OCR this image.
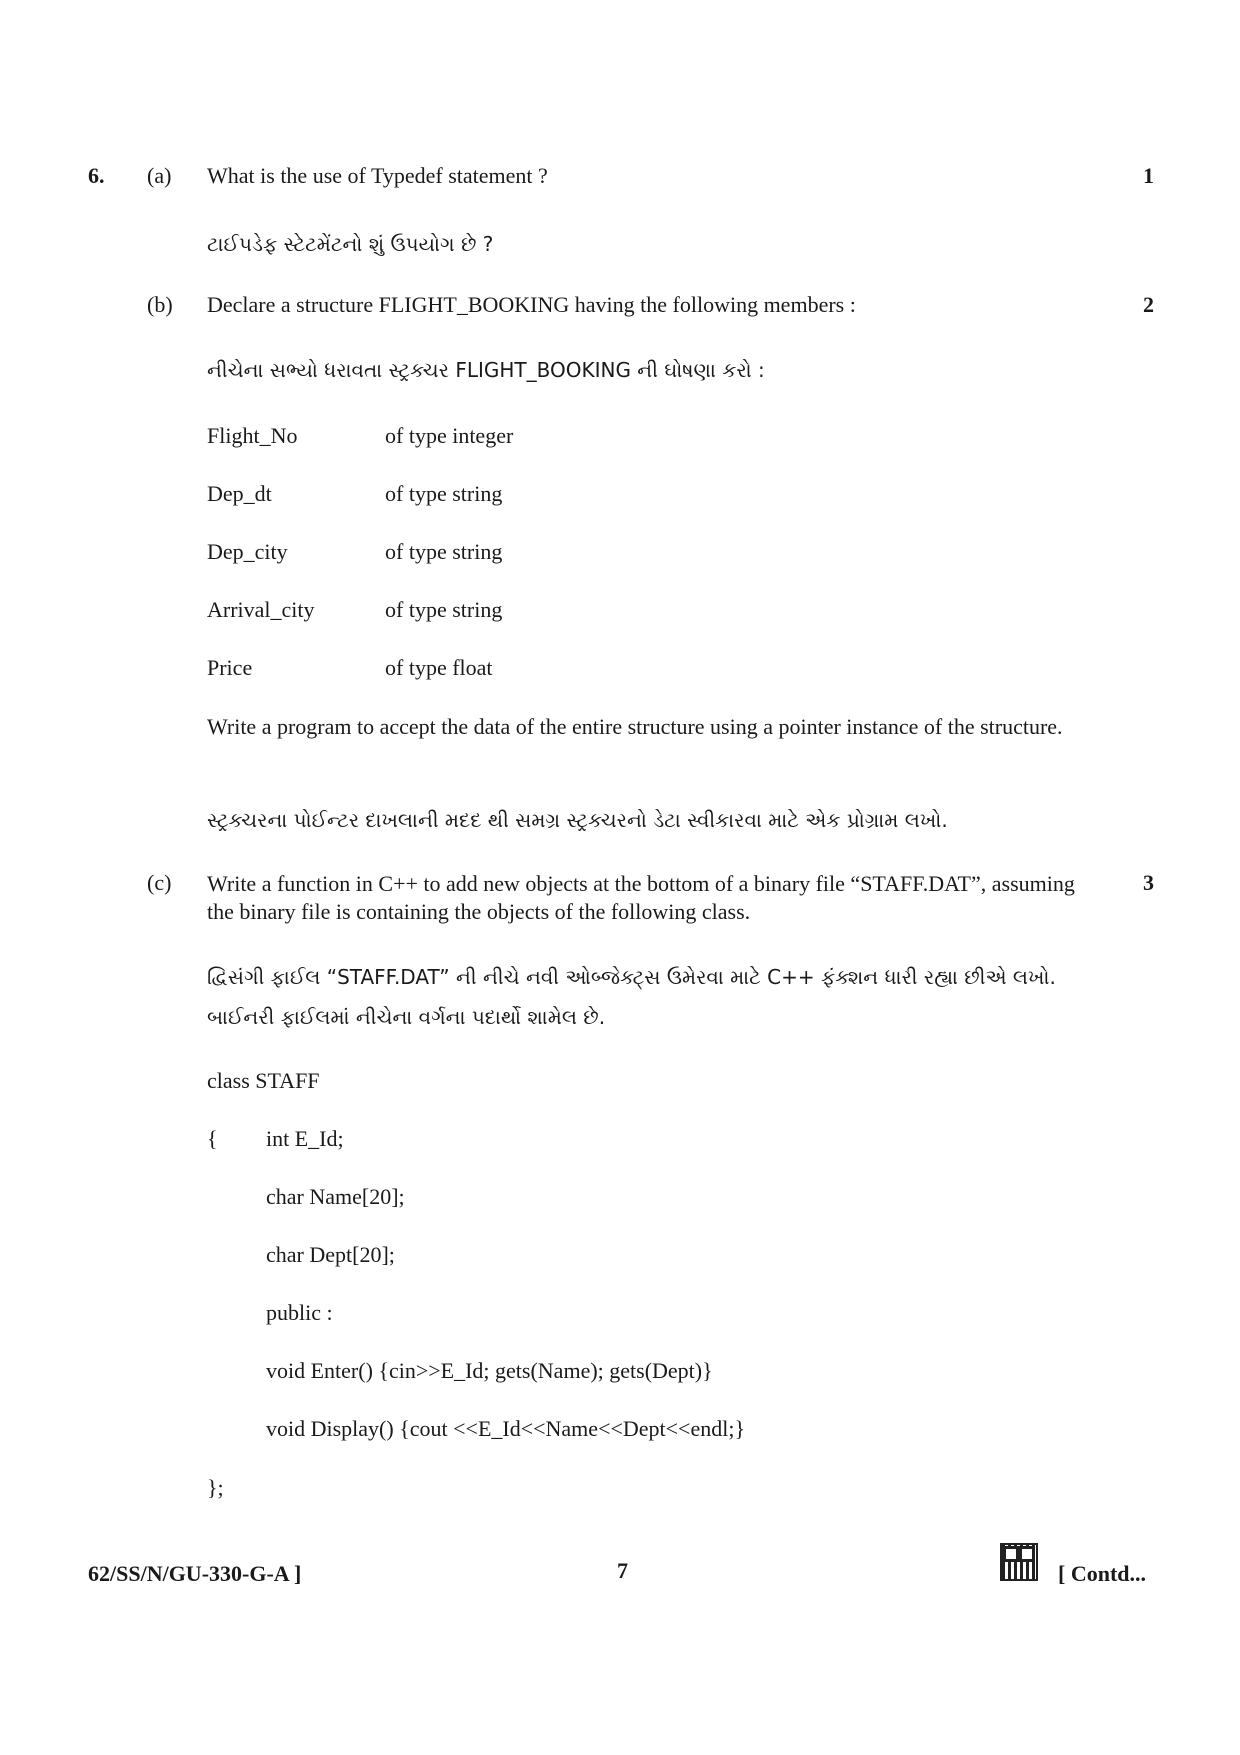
6. (a) What is the use of Typedef statement ?	1
ટાઈપડેફ સ્ટેટમેંટનો શું ઉપયોગ છે ?
(b) Declare a structure FLIGHT_BOOKING having the following members :	2
નીચેના સભ્યો ધરાવતા સ્ટ્રક્ચર FLIGHT_BOOKING ની ઘોષણા કરો :
Flight_No	of type integer
Dep_dt	of type string
Dep_city	of type string
Arrival_city	of type string
Price	of type float
Write a program to accept the data of the entire structure using a pointer instance of the structure.
સ્ટ્રક્ચરના પોઈન્ટર દાખલાની મદદ થી સમગ્ર સ્ટ્રક્ચરનો ડેટા સ્વીકારવા માટે એક પ્રોગ્રામ લખો.
(c) Write a function in C++ to add new objects at the bottom of a binary file “STAFF.DAT”, assuming the binary file is containing the objects of the following class.
3
દ્વિસંગી ફાઈલ “STAFF.DAT” ની નીચે નવી ઓબ્જેક્ટ્સ ઉમેરવા માટે C++ ફંક્શન ધારી રહ્યા છીએ લખો.
બાઈનરી ફાઈલમાં નીચેના વર્ગના પદાર્થો શામેલ છે.
class STAFF
{ int E_Id;
char Name[20];
char Dept[20];
public :
void Enter() {cin>>E_Id; gets(Name); gets(Dept)}
void Display() {cout <<E_Id<<Name<<Dept<<endl;}
};
62/SS/N/GU-330-G-A ]	7	[ Contd...
